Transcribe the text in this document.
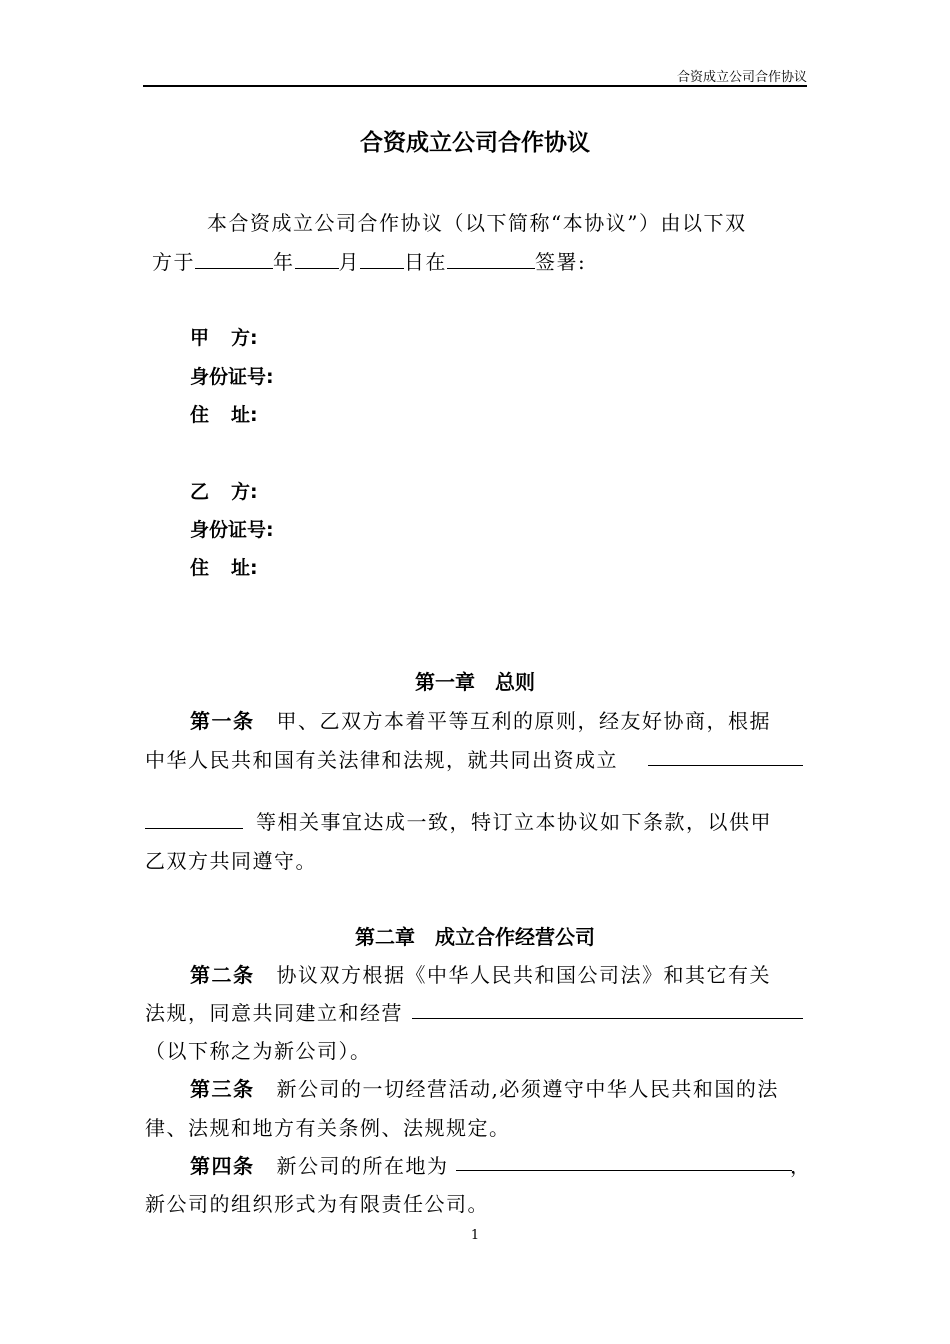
合资成立公司合作协议
合资成立公司合作协议
本合资成立公司合作协议（以下简称“本协议”）由以下双
方于	年 月 日在	签署:
甲 方:
身份证号:
住 址:
乙 方:
身份证号:
住 址:
第一章 总则
第一条 甲、乙双方本着平等互利的原则，经友好协商，根据
中华人民共和国有关法律和法规，就共同出资成立
等相关事宜达成一致，特订立本协议如下条款，以供甲
乙双方共同遵守。
第二章 成立合作经营公司
第二条 协议双方根据《中华人民共和国公司法》和其它有关
法规，同意共同建立和经营
（以下称之为新公司）。
第三条 新公司的一切经营活动,必须遵守中华人民共和国的法
律、法规和地方有关条例、法规规定。
第四条 新公司的所在地为	，
新公司的组织形式为有限责任公司。
1
